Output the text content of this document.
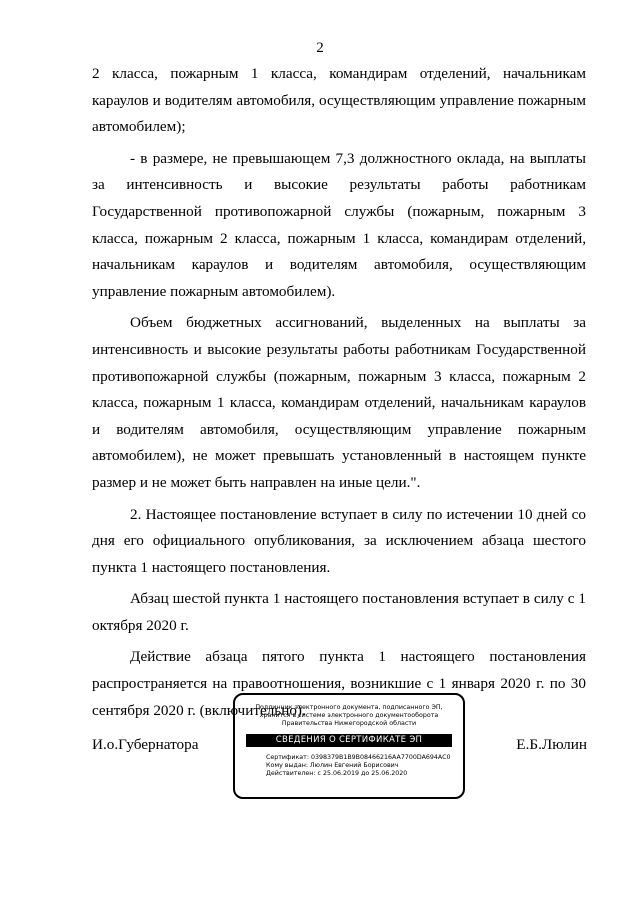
2

2 класса, пожарным 1 класса, командирам отделений, начальникам караулов и водителям автомобиля, осуществляющим управление пожарным автомобилем);

- в размере, не превышающем 7,3 должностного оклада, на выплаты за интенсивность и высокие результаты работы работникам Государственной противопожарной службы (пожарным, пожарным 3 класса, пожарным 2 класса, пожарным 1 класса, командирам отделений, начальникам караулов и водителям автомобиля, осуществляющим управление пожарным автомобилем).

Объем бюджетных ассигнований, выделенных на выплаты за интенсивность и высокие результаты работы работникам Государственной противопожарной службы (пожарным, пожарным 3 класса, пожарным 2 класса, пожарным 1 класса, командирам отделений, начальникам караулов и водителям автомобиля, осуществляющим управление пожарным автомобилем), не может превышать установленный в настоящем пункте размер и не может быть направлен на иные цели.".

2. Настоящее постановление вступает в силу по истечении 10 дней со дня его официального опубликования, за исключением абзаца шестого пункта 1 настоящего постановления.

Абзац шестой пункта 1 настоящего постановления вступает в силу с 1 октября 2020 г.

Действие абзаца пятого пункта 1 настоящего постановления распространяется на правоотношения, возникшие с 1 января 2020 г. по 30 сентября 2020 г. (включительно).

И.о.Губернатора
Подлинник электронного документа, подписанного ЭП,
хранится в системе электронного документооборота
Правительства Нижегородской области
СВЕДЕНИЯ О СЕРТИФИКАТЕ ЭП
Сертификат: 0398379B1B9B08466216AA7700DA694AC0
Кому выдан: Люлин Евгений Борисович
Действителен: с 25.06.2019 до 25.06.2020
Е.Б.Люлин
